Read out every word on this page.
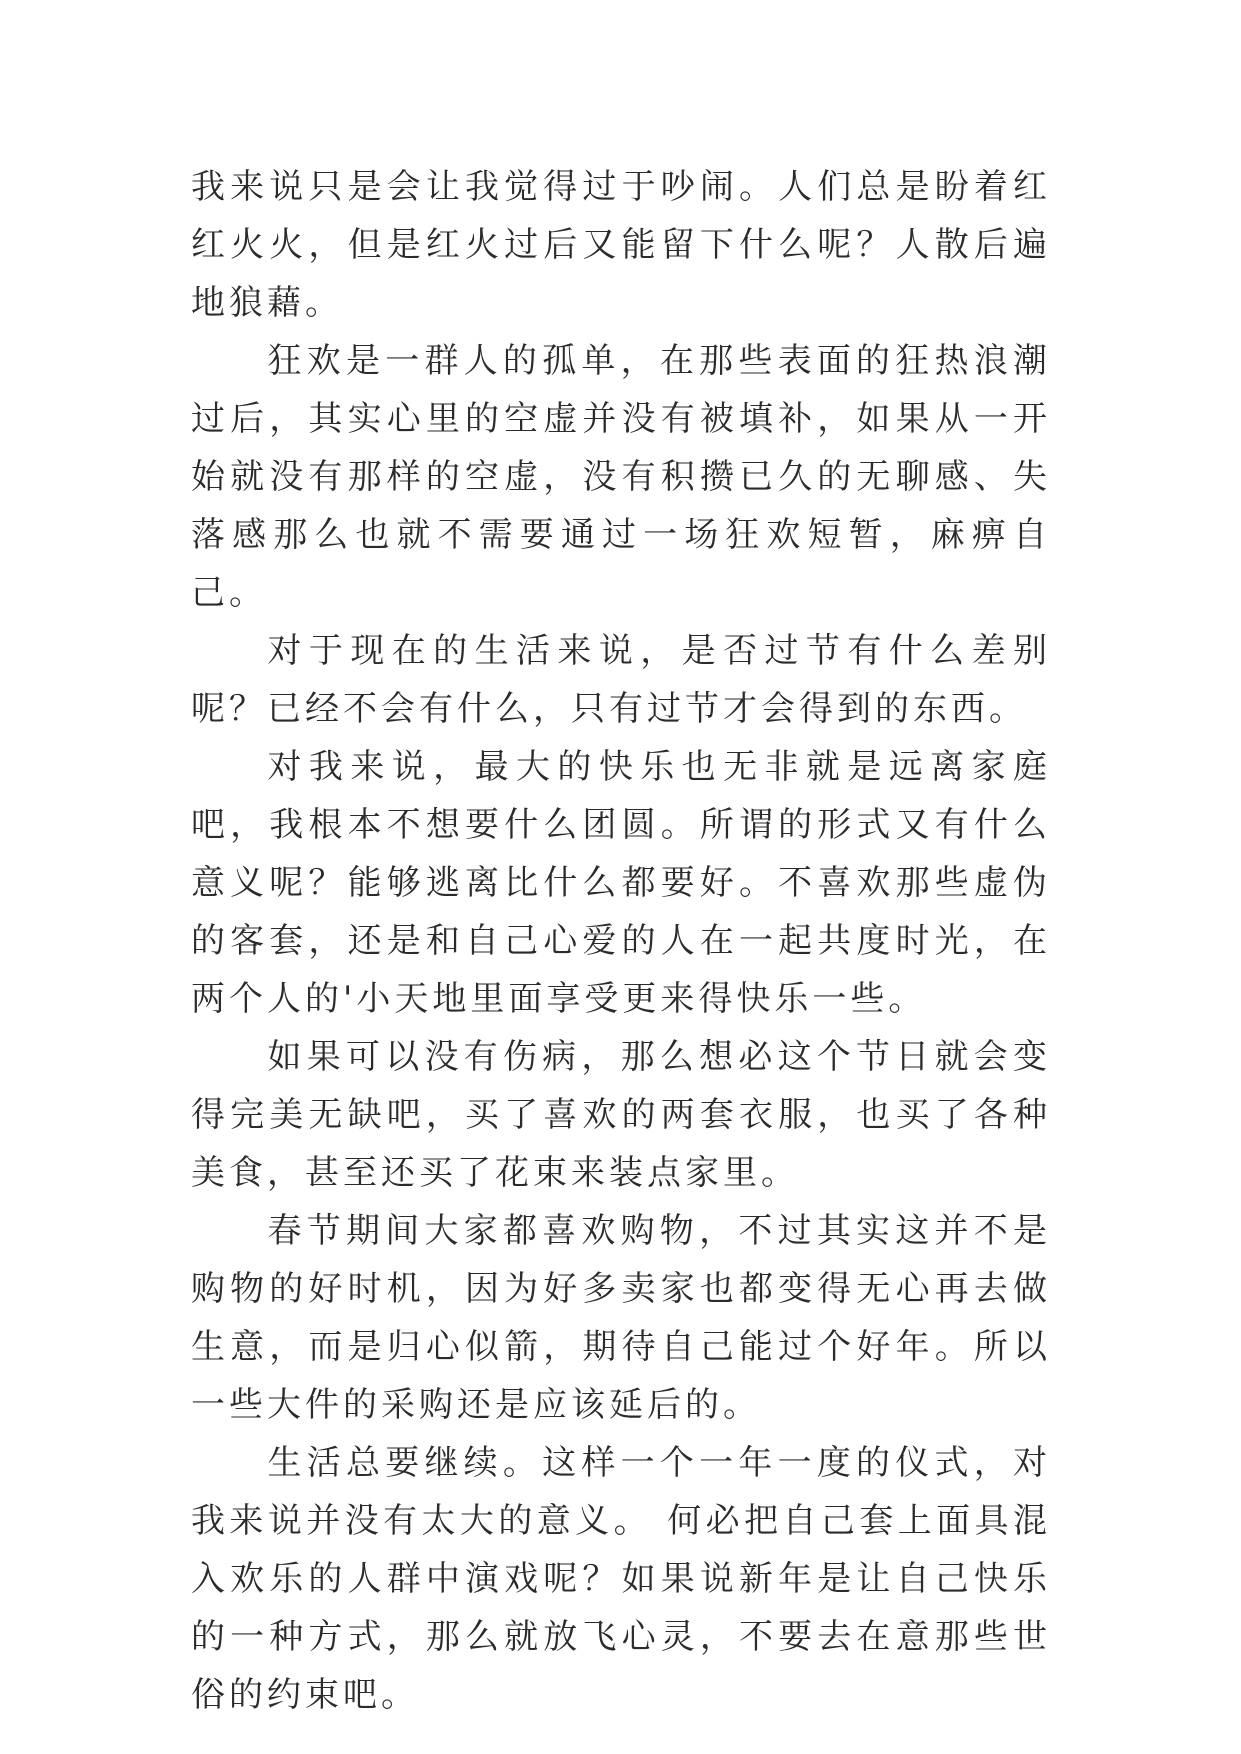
我来说只是会让我觉得过于吵闹。人们总是盼着红红火火，但是红火过后又能留下什么呢？人散后遍地狼藉。

狂欢是一群人的孤单，在那些表面的狂热浪潮过后，其实心里的空虚并没有被填补，如果从一开始就没有那样的空虚，没有积攒已久的无聊感、失落感那么也就不需要通过一场狂欢短暂，麻痹自己。

对于现在的生活来说，是否过节有什么差别呢？已经不会有什么，只有过节才会得到的东西。

对我来说，最大的快乐也无非就是远离家庭吧，我根本不想要什么团圆。所谓的形式又有什么意义呢？能够逃离比什么都要好。不喜欢那些虚伪的客套，还是和自己心爱的人在一起共度时光，在两个人的'小天地里面享受更来得快乐一些。

如果可以没有伤病，那么想必这个节日就会变得完美无缺吧，买了喜欢的两套衣服，也买了各种美食，甚至还买了花束来装点家里。

春节期间大家都喜欢购物，不过其实这并不是购物的好时机，因为好多卖家也都变得无心再去做生意，而是归心似箭，期待自己能过个好年。所以一些大件的采购还是应该延后的。

生活总要继续。这样一个一年一度的仪式，对我来说并没有太大的意义。 何必把自己套上面具混入欢乐的人群中演戏呢？如果说新年是让自己快乐的一种方式，那么就放飞心灵，不要去在意那些世俗的约束吧。
